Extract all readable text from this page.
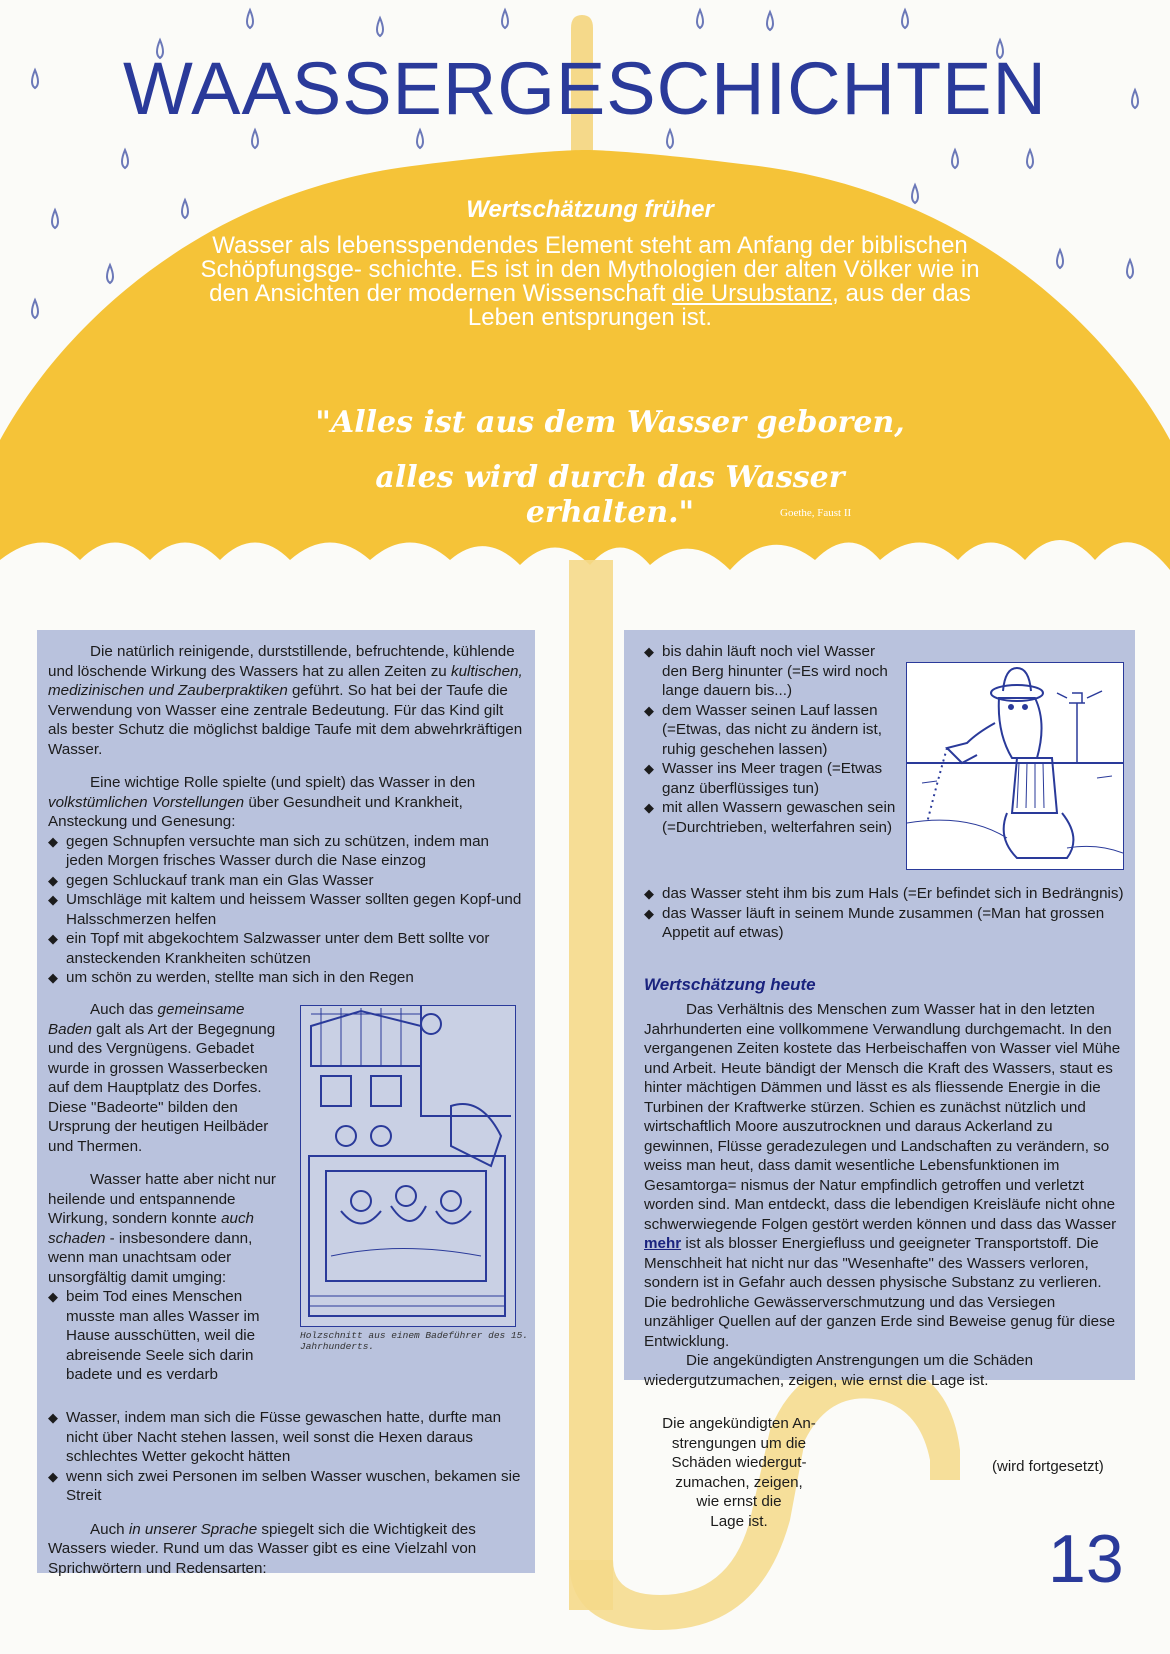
WAASSERGESCHICHTEN
Wertschätzung früher

Wasser als lebensspendendes Element steht am Anfang der biblischen Schöpfungsge- schichte. Es ist in den Mythologien der alten Völker wie in den Ansichten der modernen Wissenschaft die Ursubstanz, aus der das Leben entsprungen ist.

"Alles ist aus dem Wasser geboren,

alles wird durch das Wasser erhalten."	Goethe, Faust II

Die natürlich reinigende, durststillende, befruchtende, kühlende und löschende Wirkung des Wassers hat zu allen Zeiten zu kultischen, medizinischen und Zauberpraktiken geführt. So hat bei der Taufe die Verwendung von Wasser eine zentrale Bedeutung. Für das Kind gilt als bester Schutz die möglichst baldige Taufe mit dem abwehrkräftigen Wasser.

Eine wichtige Rolle spielte (und spielt) das Wasser in den volkstümlichen Vorstellungen über Gesundheit und Krankheit, Ansteckung und Genesung:

◆ gegen Schnupfen versuchte man sich zu schützen, indem man jeden Morgen frisches Wasser durch die Nase einzog

◆ gegen Schluckauf trank man ein Glas Wasser

◆ Umschläge mit kaltem und heissem Wasser sollten gegen Kopf-und Halsschmerzen helfen

◆ ein Topf mit abgekochtem Salzwasser unter dem Bett sollte vor ansteckenden Krankheiten schützen

◆ um schön zu werden, stellte man sich in den Regen

Auch das gemeinsame Baden galt als Art der Begegnung und des Vergnügens. Gebadet wurde in grossen Wasserbecken auf dem Hauptplatz des Dorfes. Diese "Badeorte" bilden den Ursprung der heutigen Heilbäder und Thermen.

Wasser hatte aber nicht nur heilende und entspannende Wirkung, sondern konnte auch schaden - insbesondere dann, wenn man unachtsam oder unsorgfältig damit umging:

◆ beim Tod eines Menschen musste man alles Wasser im Hause ausschütten, weil die abreisende Seele sich darin badete und es verdarb

Holzschnitt aus einem Badeführer des 15. Jahrhunderts.

◆ Wasser, indem man sich die Füsse gewaschen hatte, durfte man nicht über Nacht stehen lassen, weil sonst die Hexen daraus schlechtes Wetter gekocht hätten

◆ wenn sich zwei Personen im selben Wasser wuschen, bekamen sie Streit

Auch in unserer Sprache spiegelt sich die Wichtigkeit des Wassers wieder. Rund um das Wasser gibt es eine Vielzahl von Sprichwörtern und Redensarten:

◆ bis dahin läuft noch viel Wasser den Berg hinunter (=Es wird noch lange dauern bis...)

◆ dem Wasser seinen Lauf lassen (=Etwas, das nicht zu ändern ist, ruhig geschehen lassen)

◆ Wasser ins Meer tragen (=Etwas ganz überflüssiges tun)

◆ mit allen Wassern gewaschen sein (=Durchtrieben, welterfahren sein)

◆ das Wasser steht ihm bis zum Hals (=Er befindet sich in Bedrängnis)

◆ das Wasser läuft in seinem Munde zusammen (=Man hat grossen Appetit auf etwas)

Wertschätzung heute

Das Verhältnis des Menschen zum Wasser hat in den letzten Jahrhunderten eine vollkommene Verwandlung durchgemacht. In den vergangenen Zeiten kostete das Herbeischaffen von Wasser viel Mühe und Arbeit. Heute bändigt der Mensch die Kraft des Wassers, staut es hinter mächtigen Dämmen und lässt es als fliessende Energie in die Turbinen der Kraftwerke stürzen. Schien es zunächst nützlich und wirtschaftlich Moore auszutrocknen und daraus Ackerland zu gewinnen, Flüsse geradezulegen und Landschaften zu verändern, so weiss man heut, dass damit wesentliche Lebensfunktionen im Gesamtorga= nismus der Natur empfindlich getroffen und verletzt worden sind. Man entdeckt, dass die lebendigen Kreisläufe nicht ohne schwerwiegende Folgen gestört werden können und dass das Wasser mehr ist als blosser Energiefluss und geeigneter Transportstoff. Die Menschheit hat nicht nur das "Wesenhafte" des Wassers verloren, sondern ist in Gefahr auch dessen physische Substanz zu verlieren. Die bedrohliche Gewässerverschmutzung und das Versiegen unzähliger Quellen auf der ganzen Erde sind Beweise genug für diese Entwicklung.

Die angekündigten Anstrengungen um die Schäden wiedergutzumachen, zeigen, wie ernst die Lage ist.

Die angekündigten An-

strengungen um die

Schäden wiedergut-

zumachen, zeigen,

wie ernst die

Lage ist.

(wird fortgesetzt)
13
